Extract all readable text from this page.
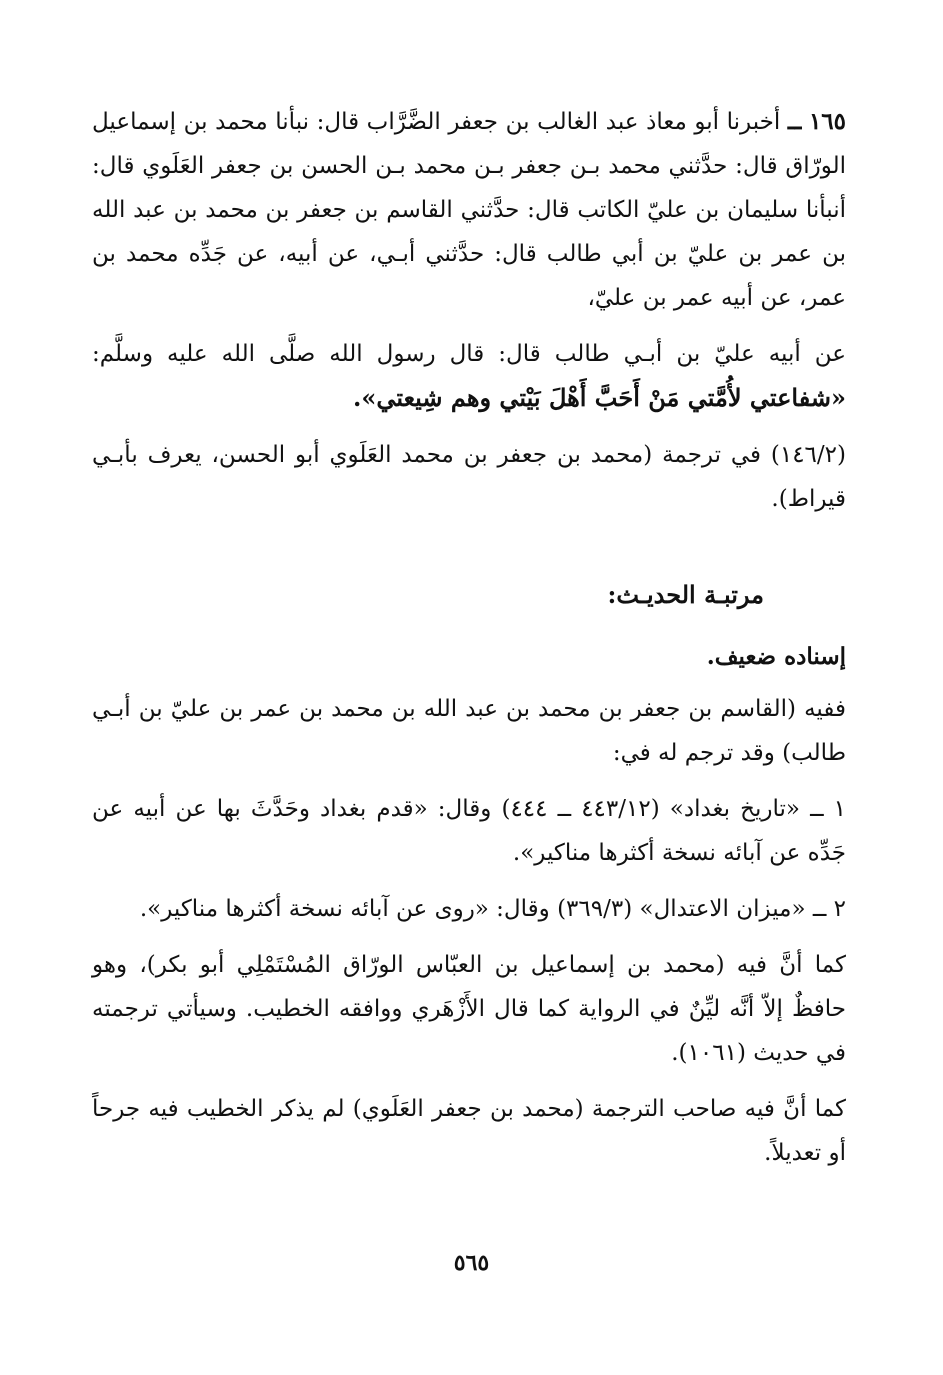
١٦٥ ــ أخبرنا أبو معاذ عبد الغالب بن جعفر الضَّرَّاب قال: نبأنا محمد بن إسماعيل الورّاق قال: حدَّثني محمد بـن جعفر بـن محمد بـن الحسن بن جعفر العَلَوي قال: أنبأنا سليمان بن عليّ الكاتب قال: حدَّثني القاسم بن جعفر بن محمد بن عبد الله بن عمر بن عليّ بن أبي طالب قال: حدَّثني أبـي، عن أبيه، عن جَدِّه محمد بن عمر، عن أبيه عمر بن عليّ،

عن أبيه عليّ بن أبـي طالب قال: قال رسول الله صلَّى الله عليه وسلَّم: «شفاعتي لأُمَّتي مَنْ أَحَبَّ أَهْلَ بَيْتي وهم شِيعتي».

(١٤٦/٢) في ترجمة (محمد بن جعفر بن محمد العَلَوي أبو الحسن، يعرف بأبـي قيراط).

مرتبـة الحديـث:

إسناده ضعيف.

ففيه (القاسم بن جعفر بن محمد بن عبد الله بن محمد بن عمر بن عليّ بن أبـي طالب) وقد ترجم له في:

١ ــ «تاريخ بغداد» (٤٤٣/١٢ ــ ٤٤٤) وقال: «قدم بغداد وحَدَّثَ بها عن أبيه عن جَدِّه عن آبائه نسخة أكثرها مناكير».

٢ ــ «ميزان الاعتدال» (٣٦٩/٣) وقال: «روى عن آبائه نسخة أكثرها مناكير».

كما أنَّ فيه (محمد بن إسماعيل بن العبّاس الورّاق المُسْتَمْلِي أبو بكر)، وهو حافظٌ إلاّ أنَّه ليِّنٌ في الرواية كما قال الأَزْهَري ووافقه الخطيب. وسيأتي ترجمته في حديث (١٠٦١).

كما أنَّ فيه صاحب الترجمة (محمد بن جعفر العَلَوي) لم يذكر الخطيب فيه جرحاً أو تعديلاً.

٥٦٥
